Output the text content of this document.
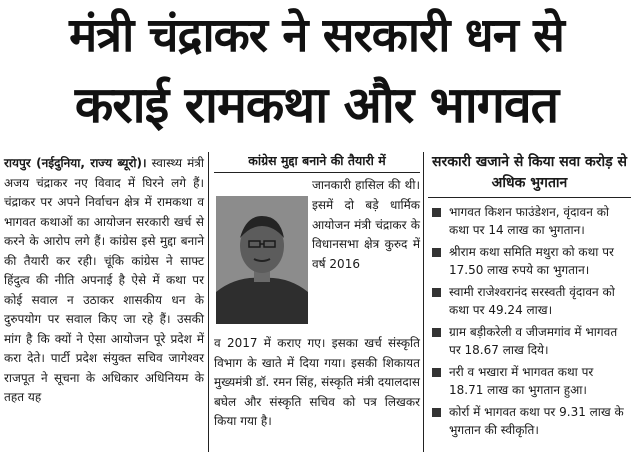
मंत्री चंद्राकर ने सरकारी धन से
कराई रामकथा और भागवत
रायपुर (नईदुनिया, राज्य ब्यूरो)। स्वास्थ्य मंत्री अजय चंद्राकर नए विवाद में घिरने लगे हैं। चंद्राकर पर अपने निर्वाचन क्षेत्र में रामकथा व भागवत कथाओं का आयोजन सरकारी खर्च से करने के आरोप लगे हैं। कांग्रेस इसे मुद्दा बनाने की तैयारी कर रही। चूंकि कांग्रेस ने साफ्ट हिंदुत्व की नीति अपनाई है ऐसे में कथा पर कोई सवाल न उठाकर शासकीय धन के दुरुपयोग पर सवाल किए जा रहे हैं। उसकी मांग है कि क्यों ने ऐसा आयोजन पूरे प्रदेश में करा देते। पार्टी प्रदेश संयुक्त सचिव जागेश्वर राजपूत ने सूचना के अधिकार अधिनियम के तहत यह
कांग्रेस मुद्दा बनाने की तैयारी में
जानकारी हासिल की थी। इसमें दो बड़े धार्मिक आयोजन मंत्री चंद्राकर के विधानसभा क्षेत्र कुरुद में वर्ष 2016
व 2017 में कराए गए। इसका खर्च संस्कृति विभाग के खाते में दिया गया। इसकी शिकायत मुख्यमंत्री डॉ. रमन सिंह, संस्कृति मंत्री दयालदास बघेल और संस्कृति सचिव को पत्र लिखकर किया गया है।
सरकारी खजाने से किया सवा करोड़ से अधिक भुगतान
भागवत किशन फाउंडेशन, वृंदावन को कथा पर 14 लाख का भुगतान।
श्रीराम कथा समिति मथुरा को कथा पर 17.50 लाख रुपये का भुगतान।
स्वामी राजेश्वरानंद सरस्वती वृंदावन को कथा पर 49.24 लाख।
ग्राम बड़ीकरेली व जीजमगांव में भागवत पर 18.67 लाख दिये।
नरी व भखारा में भागवत कथा पर 18.71 लाख का भुगतान हुआ।
कोर्रा में भागवत कथा पर 9.31 लाख के भुगतान की स्वीकृति।
